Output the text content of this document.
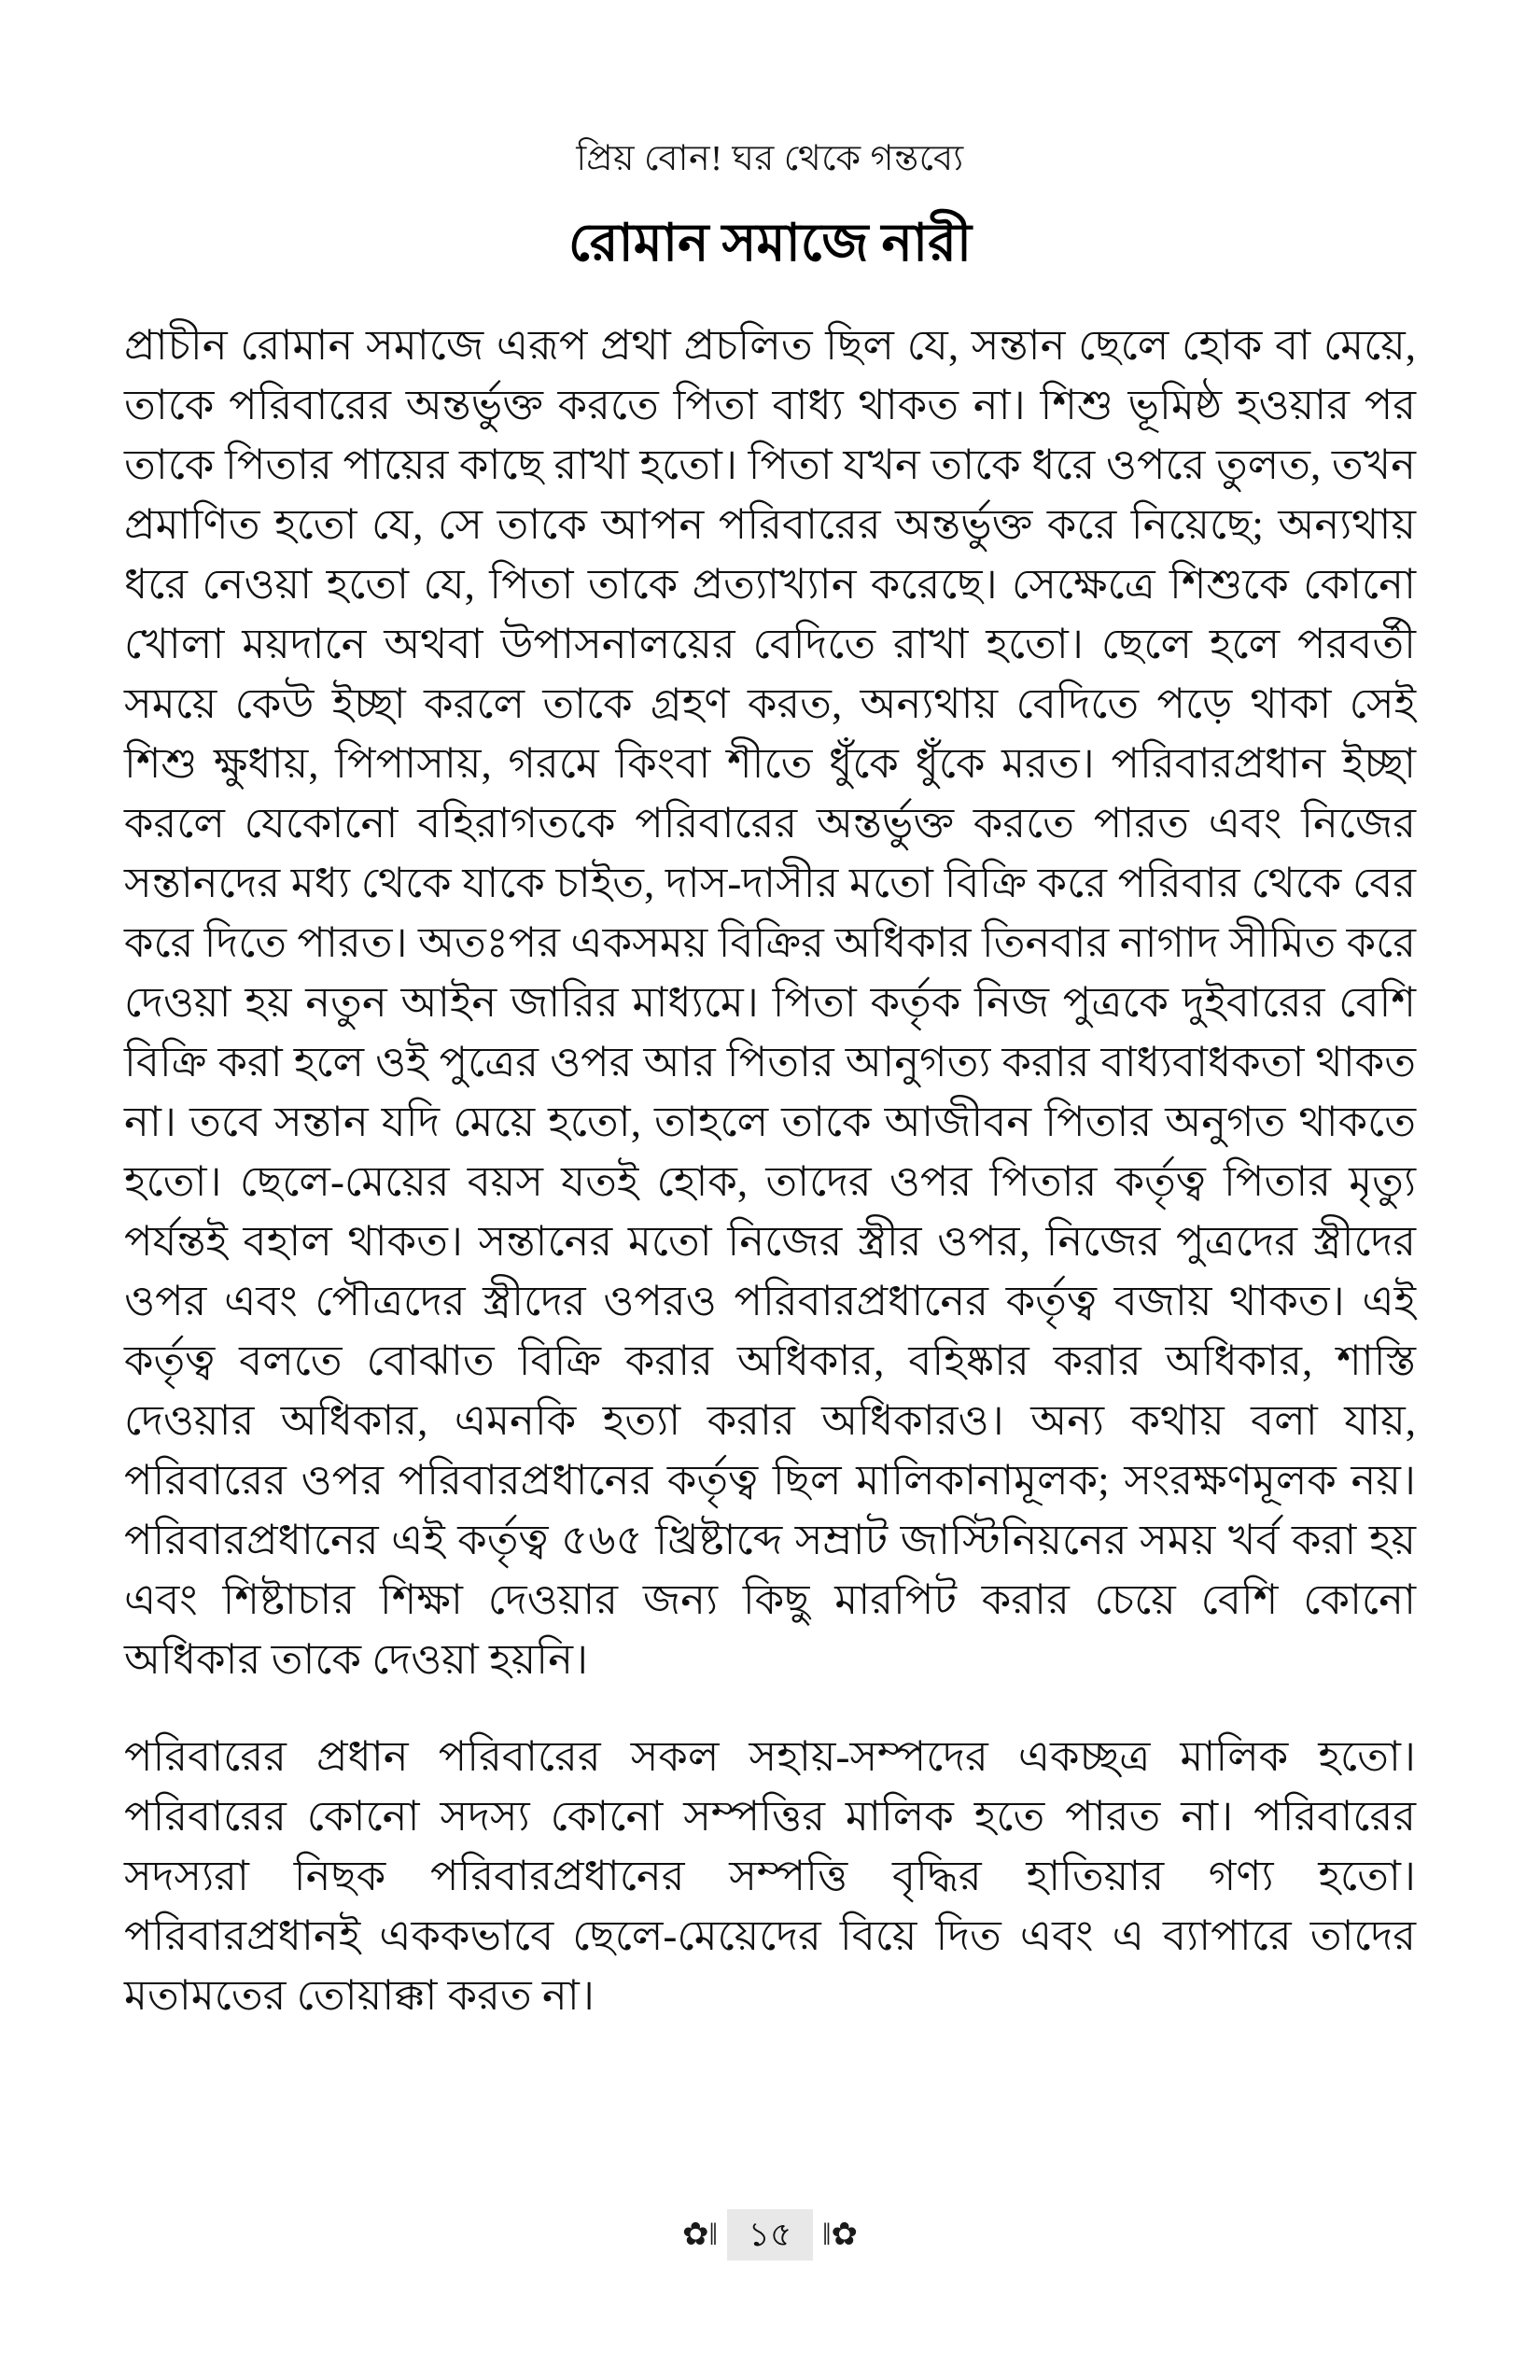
প্রিয় বোন! ঘর থেকে গন্তব্যে
রোমান সমাজে নারী

প্রাচীন রোমান সমাজে এরূপ প্রথা প্রচলিত ছিল যে, সন্তান ছেলে হোক বা মেয়ে, তাকে পরিবারের অন্তর্ভুক্ত করতে পিতা বাধ্য থাকত না। শিশু ভূমিষ্ঠ হওয়ার পর তাকে পিতার পায়ের কাছে রাখা হতো। পিতা যখন তাকে ধরে ওপরে তুলত, তখন প্রমাণিত হতো যে, সে তাকে আপন পরিবারের অন্তর্ভুক্ত করে নিয়েছে; অন্যথায় ধরে নেওয়া হতো যে, পিতা তাকে প্রত্যাখ্যান করেছে। সেক্ষেত্রে শিশুকে কোনো খোলা ময়দানে অথবা উপাসনালয়ের বেদিতে রাখা হতো। ছেলে হলে পরবর্তী সময়ে কেউ ইচ্ছা করলে তাকে গ্রহণ করত, অন্যথায় বেদিতে পড়ে থাকা সেই শিশু ক্ষুধায়, পিপাসায়, গরমে কিংবা শীতে ধুঁকে ধুঁকে মরত। পরিবারপ্রধান ইচ্ছা করলে যেকোনো বহিরাগতকে পরিবারের অন্তর্ভুক্ত করতে পারত এবং নিজের সন্তানদের মধ্য থেকে যাকে চাইত, দাস-দাসীর মতো বিক্রি করে পরিবার থেকে বের করে দিতে পারত। অতঃপর একসময় বিক্রির অধিকার তিনবার নাগাদ সীমিত করে দেওয়া হয় নতুন আইন জারির মাধ্যমে। পিতা কর্তৃক নিজ পুত্রকে দুইবারের বেশি বিক্রি করা হলে ওই পুত্রের ওপর আর পিতার আনুগত্য করার বাধ্যবাধকতা থাকত না। তবে সন্তান যদি মেয়ে হতো, তাহলে তাকে আজীবন পিতার অনুগত থাকতে হতো। ছেলে-মেয়ের বয়স যতই হোক, তাদের ওপর পিতার কর্তৃত্ব পিতার মৃত্যু পর্যন্তই বহাল থাকত। সন্তানের মতো নিজের স্ত্রীর ওপর, নিজের পুত্রদের স্ত্রীদের ওপর এবং পৌত্রদের স্ত্রীদের ওপরও পরিবারপ্রধানের কর্তৃত্ব বজায় থাকত। এই কর্তৃত্ব বলতে বোঝাত বিক্রি করার অধিকার, বহিষ্কার করার অধিকার, শাস্তি দেওয়ার অধিকার, এমনকি হত্যা করার অধিকারও। অন্য কথায় বলা যায়, পরিবারের ওপর পরিবারপ্রধানের কর্তৃত্ব ছিল মালিকানামূলক; সংরক্ষণমূলক নয়। পরিবারপ্রধানের এই কর্তৃত্ব ৫৬৫ খ্রিষ্টাব্দে সম্রাট জাস্টিনিয়নের সময় খর্ব করা হয় এবং শিষ্টাচার শিক্ষা দেওয়ার জন্য কিছু মারপিট করার চেয়ে বেশি কোনো অধিকার তাকে দেওয়া হয়নি।

পরিবারের প্রধান পরিবারের সকল সহায়-সম্পদের একচ্ছত্র মালিক হতো। পরিবারের কোনো সদস্য কোনো সম্পত্তির মালিক হতে পারত না। পরিবারের সদস্যরা নিছক পরিবারপ্রধানের সম্পত্তি বৃদ্ধির হাতিয়ার গণ্য হতো। পরিবারপ্রধানই এককভাবে ছেলে-মেয়েদের বিয়ে দিত এবং এ ব্যাপারে তাদের মতামতের তোয়াক্কা করত না।

✿‖ ১৫ ‖✿
